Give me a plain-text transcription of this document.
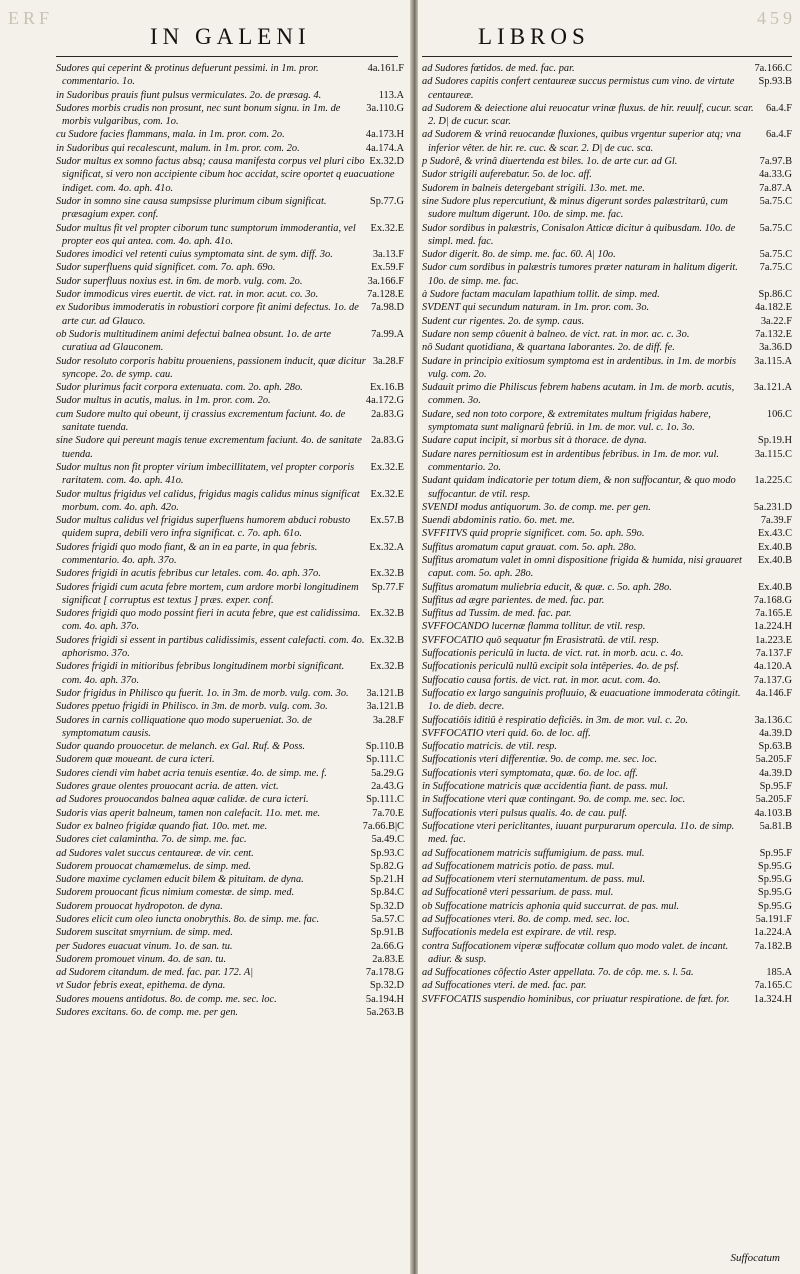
ERF
IN GALENI
4a.161.F
Sudores qui ceperint & protinus defuerunt pessimi. in 1m. pror. commentario. 1o.
113.A
in Sudoribus prauis fiunt pulsus vermiculates. 2o. de præsag. 4.
3a.110.G
Sudores morbis crudis non prosunt, nec sunt bonum signu. in 1m. de morbis vulgaribus, com. 1o.
4a.173.H
cu Sudore facies flammans, mala. in 1m. pror. com. 2o.
4a.174.A
in Sudoribus qui recalescunt, malum. in 1m. pror. com. 2o.
Ex.32.D
Sudor multus ex somno factus absq; causa manifesta corpus vel pluri cibo significat, si vero non accipiente cibum hoc accidat, scire oportet q euacuatione indiget. com. 4o. aph. 41o.
Sp.77.G
Sudor in somno sine causa sumpsisse plurimum cibum significat. præsagium exper. conf.
Ex.32.E
Sudor multus fit vel propter ciborum tunc sumptorum immoderantia, vel propter eos qui antea. com. 4o. aph. 41o.
3a.13.F
Sudores imodici vel retenti cuius symptomata sint. de sym. diff. 3o.
Ex.59.F
Sudor superfluens quid significet. com. 7o. aph. 69o.
3a.166.F
Sudor superfluus noxius est. in 6m. de morb. vulg. com. 2o.
7a.128.E
Sudor immodicus vires euertit. de vict. rat. in mor. acut. co. 3o.
7a.98.D
ex Sudoribus immoderatis in robustiori corpore fit animi defectus. 1o. de arte cur. ad Glauco.
7a.99.A
ob Sudoris multitudinem animi defectui balnea obsunt. 1o. de arte curatiua ad Glauconem.
3a.28.F
Sudor resoluto corporis habitu proueniens, passionem inducit, quæ dicitur syncope. 2o. de symp. cau.
Ex.16.B
Sudor plurimus facit corpora extenuata. com. 2o. aph. 28o.
4a.172.G
Sudor multus in acutis, malus. in 1m. pror. com. 2o.
2a.83.G
cum Sudore multo qui obeunt, ij crassius excrementum faciunt. 4o. de sanitate tuenda.
2a.83.G
sine Sudore qui pereunt magis tenue excrementum faciunt. 4o. de sanitate tuenda.
Ex.32.E
Sudor multus non fit propter virium imbecillitatem, vel propter corporis raritatem. com. 4o. aph. 41o.
Ex.32.E
Sudor multus frigidus vel calidus, frigidus magis calidus minus significat morbum. com. 4o. aph. 42o.
Ex.57.B
Sudor multus calidus vel frigidus superfluens humorem abduci robusto quidem supra, debili vero infra significat. c. 7o. aph. 61o.
Ex.32.A
Sudores frigidi quo modo fiant, & an in ea parte, in qua febris. commentario. 4o. aph. 37o.
Ex.32.B
Sudores frigidi in acutis febribus cur letales. com. 4o. aph. 37o.
Sp.77.F
Sudores frigidi cum acuta febre mortem, cum ardore morbi longitudinem significat [ corruptus est textus ] præs. exper. conf.
Ex.32.B
Sudores frigidi quo modo possint fieri in acuta febre, que est calidissima. com. 4o. aph. 37o.
Ex.32.B
Sudores frigidi si essent in partibus calidissimis, essent calefacti. com. 4o. aphorismo. 37o.
Ex.32.B
Sudores frigidi in mitioribus febribus longitudinem morbi significant. com. 4o. aph. 37o.
3a.121.B
Sudor frigidus in Philisco qu fuerit. 1o. in 3m. de morb. vulg. com. 3o.
3a.121.B
Sudores ppetuo frigidi in Philisco. in 3m. de morb. vulg. com. 3o.
3a.28.F
Sudores in carnis colliquatione quo modo superueniat. 3o. de symptomatum causis.
Sp.110.B
Sudor quando prouocetur. de melanch. ex Gal. Ruf. & Poss.
Sp.111.C
Sudorem quæ moueant. de cura icteri.
5a.29.G
Sudores ciendi vim habet acria tenuis esentiæ. 4o. de simp. me. f.
2a.43.G
Sudores graue olentes prouocant acria. de atten. vict.
Sp.111.C
ad Sudores prouocandos balnea aquæ calidæ. de cura icteri.
7a.70.E
Sudoris vias aperit balneum, tamen non calefacit. 11o. met. me.
7a.66.B|C
Sudor ex balneo frigidæ quando fiat. 10o. met. me.
5a.49.C
Sudores ciet calamintha. 7o. de simp. me. fac.
Sp.93.C
ad Sudores valet succus centaureæ. de vir. cent.
Sp.82.G
Sudorem prouocat chamæmelus. de simp. med.
Sp.21.H
Sudore maxime cyclamen educit bilem & pituitam. de dyna.
Sp.84.C
Sudorem prouocant ficus nimium comestæ. de simp. med.
Sp.32.D
Sudorem prouocat hydropoton. de dyna.
5a.57.C
Sudores elicit cum oleo iuncta onobrythis. 8o. de simp. me. fac.
Sp.91.B
Sudorem suscitat smyrnium. de simp. med.
2a.66.G
per Sudores euacuat vinum. 1o. de san. tu.
2a.83.E
Sudorem promouet vinum. 4o. de san. tu.
7a.178.G
ad Sudorem citandum. de med. fac. par. 172. A|
Sp.32.D
vt Sudor febris exeat, epithema. de dyna.
5a.194.H
Sudores mouens antidotus. 8o. de comp. me. sec. loc.
5a.263.B
Sudores excitans. 6o. de comp. me. per gen.
459
LIBROS
7a.166.C
ad Sudores fœtidos. de med. fac. par.
Sp.93.B
ad Sudores capitis confert centaureæ succus permistus cum vino. de virtute centaureæ.
6a.4.F
ad Sudorem & deiectione alui reuocatur vrinæ fluxus. de hir. reuulf, cucur. scar. 2. D| de cucur. scar.
6a.4.F
ad Sudorem & vrinâ reuocandæ fluxiones, quibus vrgentur superior atq; vna inferior vêter. de hir. re. cuc. & scar. 2. D| de cuc. sca.
7a.97.B
p Sudorê, & vrinâ diuertenda est biles. 1o. de arte cur. ad Gl.
4a.33.G
Sudor strigili auferebatur. 5o. de loc. aff.
7a.87.A
Sudorem in balneis detergebant strigili. 13o. met. me.
5a.75.C
sine Sudore plus repercutiunt, & minus digerunt sordes palæstritarû, cum sudore multum digerunt. 10o. de simp. me. fac.
5a.75.C
Sudor sordibus in palæstris, Conisalon Atticæ dicitur à quibusdam. 10o. de simpl. med. fac.
5a.75.C
Sudor digerit. 8o. de simp. me. fac. 60. A| 10o.
7a.75.C
Sudor cum sordibus in palæstris tumores præter naturam in halitum digerit. 10o. de simp. me. fac.
Sp.86.C
à Sudore factam maculam lapathium tollit. de simp. med.
4a.182.E
SVDENT qui secundum naturam. in 1m. pror. com. 3o.
3a.22.F
Sudent cur rigentes. 2o. de symp. caus.
7a.132.E
Sudare non semp côuenit à balneo. de vict. rat. in mor. ac. c. 3o.
3a.36.D
nô Sudant quotidiana, & quartana laborantes. 2o. de diff. fe.
3a.115.A
Sudare in principio exitiosum symptoma est in ardentibus. in 1m. de morbis vulg. com. 2o.
3a.121.A
Sudauit primo die Philiscus febrem habens acutam. in 1m. de morb. acutis, commen. 3o.
106.C
Sudare, sed non toto corpore, & extremitates multum frigidas habere, symptomata sunt malignarû febriû. in 1m. de mor. vul. c. 1o. 3o.
Sp.19.H
Sudare caput incipit, si morbus sit à thorace. de dyna.
3a.115.C
Sudare nares pernitiosum est in ardentibus febribus. in 1m. de mor. vul. commentario. 2o.
1a.225.C
Sudant quidam indicatorie per totum diem, & non suffocantur, & quo modo suffocantur. de vtil. resp.
5a.231.D
SVENDI modus antiquorum. 3o. de comp. me. per gen.
7a.39.F
Suendi abdominis ratio. 6o. met. me.
Ex.43.C
SVFFITVS quid proprie significet. com. 5o. aph. 59o.
Ex.40.B
Suffitus aromatum caput grauat. com. 5o. aph. 28o.
Ex.40.B
Suffitus aromatum valet in omni dispositione frigida & humida, nisi grauaret caput. com. 5o. aph. 28o.
Ex.40.B
Suffitus aromatum muliebria educit, & quæ. c. 5o. aph. 28o.
7a.168.G
Suffitus ad ægre parientes. de med. fac. par.
7a.165.E
Suffitus ad Tussim. de med. fac. par.
1a.224.H
SVFFOCANDO lucernæ flamma tollitur. de vtil. resp.
1a.223.E
SVFFOCATIO quô sequatur fm Erasistratû. de vtil. resp.
7a.137.F
Suffocationis periculû in lucta. de vict. rat. in morb. acu. c. 4o.
4a.120.A
Suffocationis periculû nullû excipit sola intêperies. 4o. de psf.
7a.137.G
Suffocatio causa fortis. de vict. rat. in mor. acut. com. 4o.
4a.146.F
Suffocatio ex largo sanguinis profluuio, & euacuatione immoderata côtingit. 1o. de dieb. decre.
3a.136.C
Suffocatiôis iditiû è respiratio deficiês. in 3m. de mor. vul. c. 2o.
4a.39.D
SVFFOCATIO vteri quid. 6o. de loc. aff.
Sp.63.B
Suffocatio matricis. de vtil. resp.
5a.205.F
Suffocationis vteri differentiæ. 9o. de comp. me. sec. loc.
4a.39.D
Suffocationis vteri symptomata, quæ. 6o. de loc. aff.
Sp.95.F
in Suffocatione matricis quæ accidentia fiant. de pass. mul.
5a.205.F
in Suffocatione vteri quæ contingant. 9o. de comp. me. sec. loc.
4a.103.B
Suffocationis vteri pulsus qualis. 4o. de cau. pulf.
5a.81.B
Suffocatione vteri periclitantes, iuuant purpurarum opercula. 11o. de simp. med. fac.
Sp.95.F
ad Suffocationem matricis suffumigium. de pass. mul.
Sp.95.G
ad Suffocationem matricis potio. de pass. mul.
Sp.95.G
ad Suffocationem vteri sternutamentum. de pass. mul.
Sp.95.G
ad Suffocationê vteri pessarium. de pass. mul.
Sp.95.G
ob Suffocatione matricis aphonia quid succurrat. de pas. mul.
5a.191.F
ad Suffocationes vteri. 8o. de comp. med. sec. loc.
1a.224.A
Suffocationis medela est expirare. de vtil. resp.
7a.182.B
contra Suffocationem viperæ suffocatæ collum quo modo valet. de incant. adiur. & susp.
185.A
ad Suffocationes côfectio Aster appellata. 7o. de côp. me. s. l. 5a.
7a.165.C
ad Suffocationes vteri. de med. fac. par.
1a.324.H
SVFFOCATIS suspendio hominibus, cor priuatur respiratione. de fœt. for.
Suffocatum
